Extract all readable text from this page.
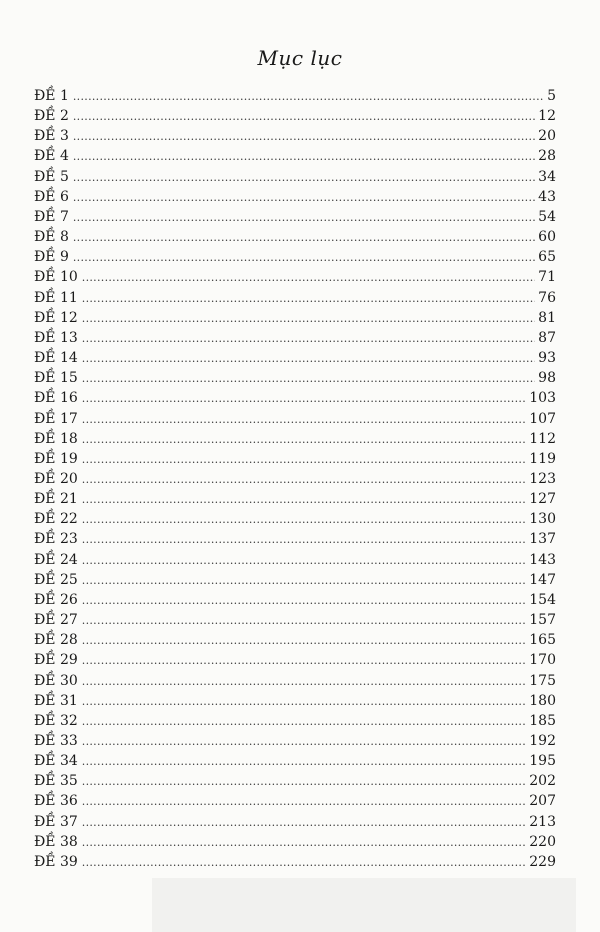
Mục lục
ĐỀ 1 .....	5
ĐỀ 2 .....	12
ĐỀ 3 .....	20
ĐỀ 4 .....	28
ĐỀ 5 .....	34
ĐỀ 6 .....	43
ĐỀ 7 .....	54
ĐỀ 8 .....	60
ĐỀ 9 .....	65
ĐỀ 10 .....	71
ĐỀ 11 .....	76
ĐỀ 12 .....	81
ĐỀ 13 .....	87
ĐỀ 14 .....	93
ĐỀ 15 .....	98
ĐỀ 16 .....	103
ĐỀ 17 .....	107
ĐỀ 18 .....	112
ĐỀ 19 .....	119
ĐỀ 20 .....	123
ĐỀ 21 .....	127
ĐỀ 22 .....	130
ĐỀ 23 .....	137
ĐỀ 24 .....	143
ĐỀ 25 .....	147
ĐỀ 26 .....	154
ĐỀ 27 .....	157
ĐỀ 28 .....	165
ĐỀ 29 .....	170
ĐỀ 30 .....	175
ĐỀ 31 .....	180
ĐỀ 32 .....	185
ĐỀ 33 .....	192
ĐỀ 34 .....	195
ĐỀ 35 .....	202
ĐỀ 36 .....	207
ĐỀ 37 .....	213
ĐỀ 38 .....	220
ĐỀ 39 .....	229
